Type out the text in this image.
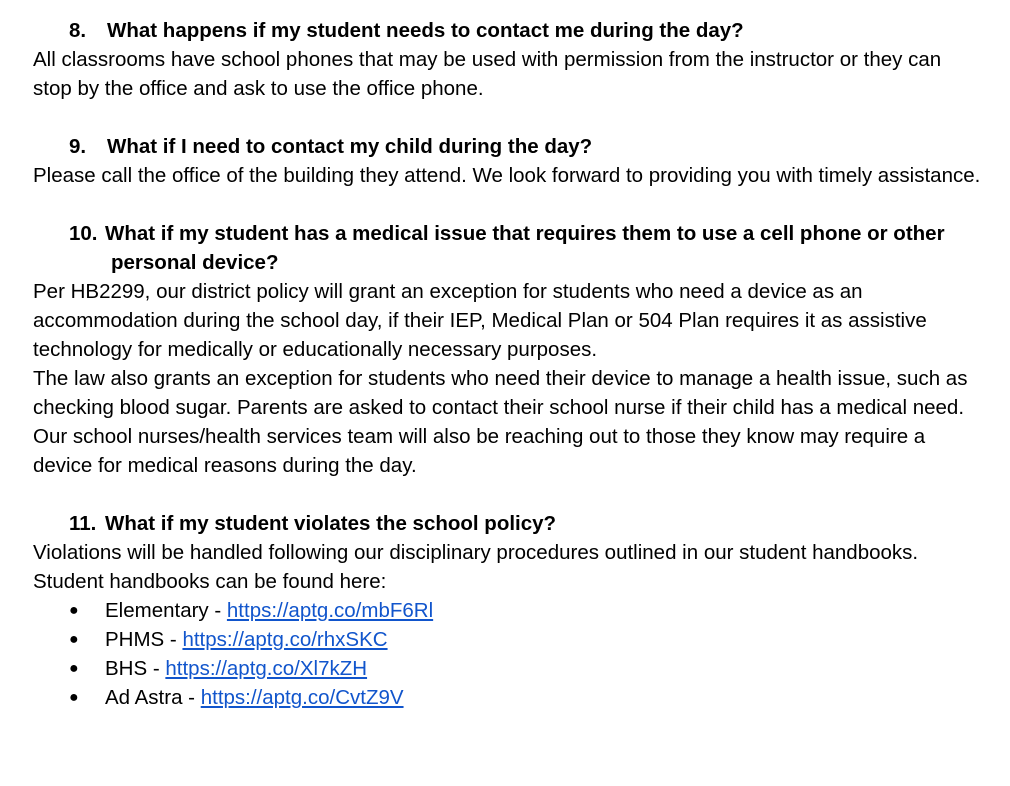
8. What happens if my student needs to contact me during the day?

All classrooms have school phones that may be used with permission from the instructor or they can stop by the office and ask to use the office phone.

9. What if I need to contact my child during the day?

Please call the office of the building they attend. We look forward to providing you with timely assistance.

10. What if my student has a medical issue that requires them to use a cell phone or other personal device?

Per HB2299, our district policy will grant an exception for students who need a device as an accommodation during the school day, if their IEP, Medical Plan or 504 Plan requires it as assistive technology for medically or educationally necessary purposes.

The law also grants an exception for students who need their device to manage a health issue, such as checking blood sugar. Parents are asked to contact their school nurse if their child has a medical need. Our school nurses/health services team will also be reaching out to those they know may require a device for medical reasons during the day.

11. What if my student violates the school policy?

Violations will be handled following our disciplinary procedures outlined in our student handbooks. Student handbooks can be found here:

● Elementary - https://aptg.co/mbF6Rl
● PHMS - https://aptg.co/rhxSKC
● BHS - https://aptg.co/Xl7kZH
● Ad Astra - https://aptg.co/CvtZ9V
